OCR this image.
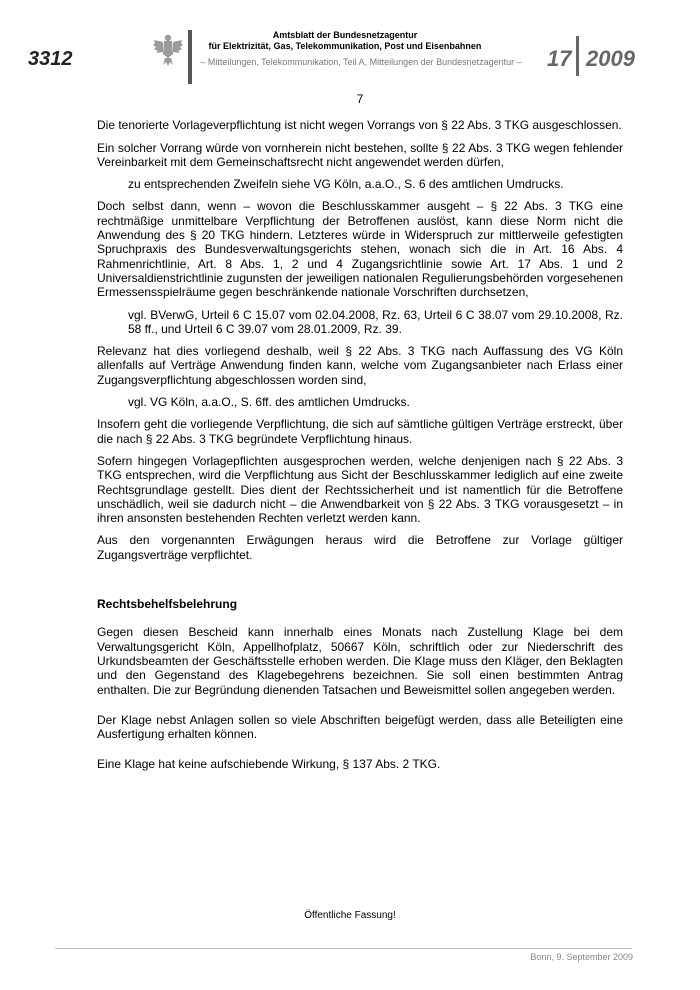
3312
Amtsblatt der Bundesnetzagentur
für Elektrizität, Gas, Telekommunikation, Post und Eisenbahnen
– Mitteilungen, Telekommunikation, Teil A, Mitteilungen der Bundesnetzagentur – 17 2009
7

Die tenorierte Vorlageverpflichtung ist nicht wegen Vorrangs von § 22 Abs. 3 TKG ausgeschlossen.

Ein solcher Vorrang würde von vornherein nicht bestehen, sollte § 22 Abs. 3 TKG wegen fehlender Vereinbarkeit mit dem Gemeinschaftsrecht nicht angewendet werden dürfen,

zu entsprechenden Zweifeln siehe VG Köln, a.a.O., S. 6 des amtlichen Umdrucks.

Doch selbst dann, wenn – wovon die Beschlusskammer ausgeht – § 22 Abs. 3 TKG eine rechtmäßige unmittelbare Verpflichtung der Betroffenen auslöst, kann diese Norm nicht die Anwendung des § 20 TKG hindern. Letzteres würde in Widerspruch zur mittlerweile gefestigten Spruchpraxis des Bundesverwaltungsgerichts stehen, wonach sich die in Art. 16 Abs. 4 Rahmenrichtlinie, Art. 8 Abs. 1, 2 und 4 Zugangsrichtlinie sowie Art. 17 Abs. 1 und 2 Universaldienstrichtlinie zugunsten der jeweiligen nationalen Regulierungsbehörden vorgesehenen Ermessensspielräume gegen beschränkende nationale Vorschriften durchsetzen,

vgl. BVerwG, Urteil 6 C 15.07 vom 02.04.2008, Rz. 63, Urteil 6 C 38.07 vom 29.10.2008, Rz. 58 ff., und Urteil 6 C 39.07 vom 28.01.2009, Rz. 39.

Relevanz hat dies vorliegend deshalb, weil § 22 Abs. 3 TKG nach Auffassung des VG Köln allenfalls auf Verträge Anwendung finden kann, welche vom Zugangsanbieter nach Erlass einer Zugangsverpflichtung abgeschlossen worden sind,

vgl. VG Köln, a.a.O., S. 6ff. des amtlichen Umdrucks.

Insofern geht die vorliegende Verpflichtung, die sich auf sämtliche gültigen Verträge erstreckt, über die nach § 22 Abs. 3 TKG begründete Verpflichtung hinaus.

Sofern hingegen Vorlagepflichten ausgesprochen werden, welche denjenigen nach § 22 Abs. 3 TKG entsprechen, wird die Verpflichtung aus Sicht der Beschlusskammer lediglich auf eine zweite Rechtsgrundlage gestellt. Dies dient der Rechtssicherheit und ist namentlich für die Betroffene unschädlich, weil sie dadurch nicht – die Anwendbarkeit von § 22 Abs. 3 TKG vorausgesetzt – in ihren ansonsten bestehenden Rechten verletzt werden kann.

Aus den vorgenannten Erwägungen heraus wird die Betroffene zur Vorlage gültiger Zugangsverträge verpflichtet.

Rechtsbehelfsbelehrung

Gegen diesen Bescheid kann innerhalb eines Monats nach Zustellung Klage bei dem Verwaltungsgericht Köln, Appellhofplatz, 50667 Köln, schriftlich oder zur Niederschrift des Urkundsbeamten der Geschäftsstelle erhoben werden. Die Klage muss den Kläger, den Beklagten und den Gegenstand des Klagebegehrens bezeichnen. Sie soll einen bestimmten Antrag enthalten. Die zur Begründung dienenden Tatsachen und Beweismittel sollen angegeben werden.

Der Klage nebst Anlagen sollen so viele Abschriften beigefügt werden, dass alle Beteiligten eine Ausfertigung erhalten können.

Eine Klage hat keine aufschiebende Wirkung, § 137 Abs. 2 TKG.

Öffentliche Fassung!
Bonn, 9. September 2009
